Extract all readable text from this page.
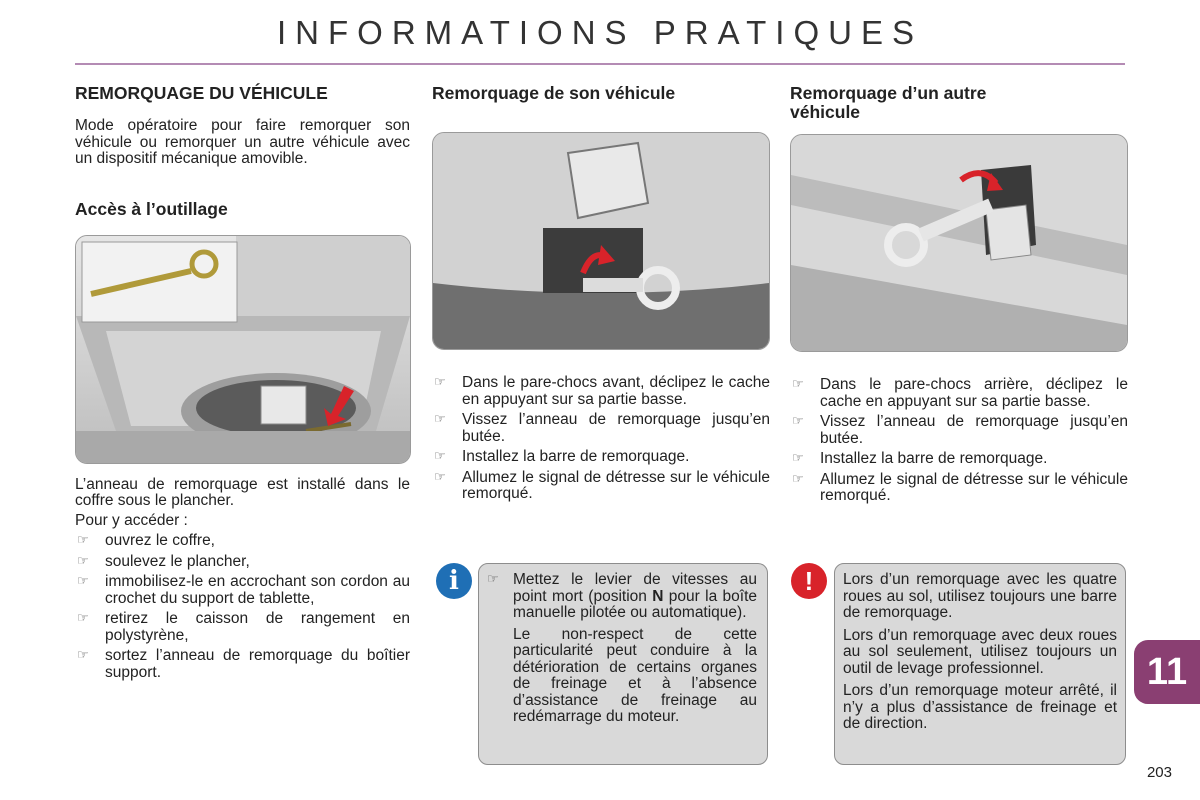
INFORMATIONS PRATIQUES
REMORQUAGE DU VÉHICULE

Mode opératoire pour faire remorquer son véhicule ou remorquer un autre véhicule avec un dispositif mécanique amovible.

Accès à l’outillage

L’anneau de remorquage est installé dans le coffre sous le plancher.

Pour y accéder :

☞ ouvrez le coffre,
☞ soulevez le plancher,
☞ immobilisez-le en accrochant son cordon au crochet du support de tablette,
☞ retirez le caisson de rangement en polystyrène,
☞ sortez l’anneau de remorquage du boîtier support.
Remorquage de son véhicule
☞ Dans le pare-chocs avant, déclipez le cache en appuyant sur sa partie basse.
☞ Vissez l’anneau de remorquage jusqu’en butée.
☞ Installez la barre de remorquage.
☞ Allumez le signal de détresse sur le véhicule remorqué.
Remorquage d’un autre véhicule
☞ Dans le pare-chocs arrière, déclipez le cache en appuyant sur sa partie basse.
☞ Vissez l’anneau de remorquage jusqu’en butée.
☞ Installez la barre de remorquage.
☞ Allumez le signal de détresse sur le véhicule remorqué.
i	☞ Mettez le levier de vitesses au point mort (position N pour la boîte manuelle pilotée ou automatique).

Le non-respect de cette particularité peut conduire à la détérioration de certains organes de freinage et à l’absence d’assistance de freinage au redémarrage du moteur.

!	Lors d’un remorquage avec les quatre roues au sol, utilisez toujours une barre de remorquage.

Lors d’un remorquage avec deux roues au sol seulement, utilisez toujours un outil de levage professionnel.

Lors d’un remorquage moteur arrêté, il n’y a plus d’assistance de freinage et de direction.

11
203
